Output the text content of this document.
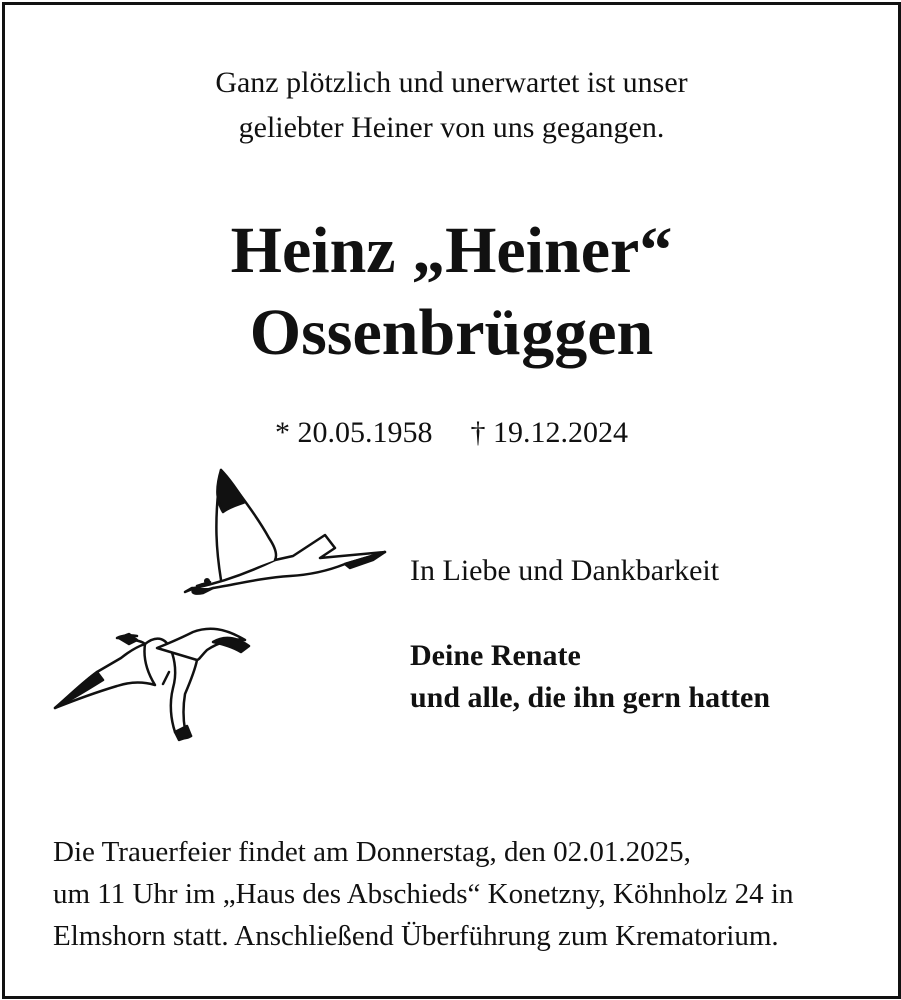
Ganz plötzlich und unerwartet ist unser
geliebter Heiner von uns gegangen.
Heinz „Heiner“
Ossenbrüggen
* 20.05.1958 † 19.12.2024
In Liebe und Dankbarkeit
Deine Renate
und alle, die ihn gern hatten
Die Trauerfeier findet am Donnerstag, den 02.01.2025,
um 11 Uhr im „Haus des Abschieds“ Konetzny, Köhnholz 24 in
Elmshorn statt. Anschließend Überführung zum Krematorium.
